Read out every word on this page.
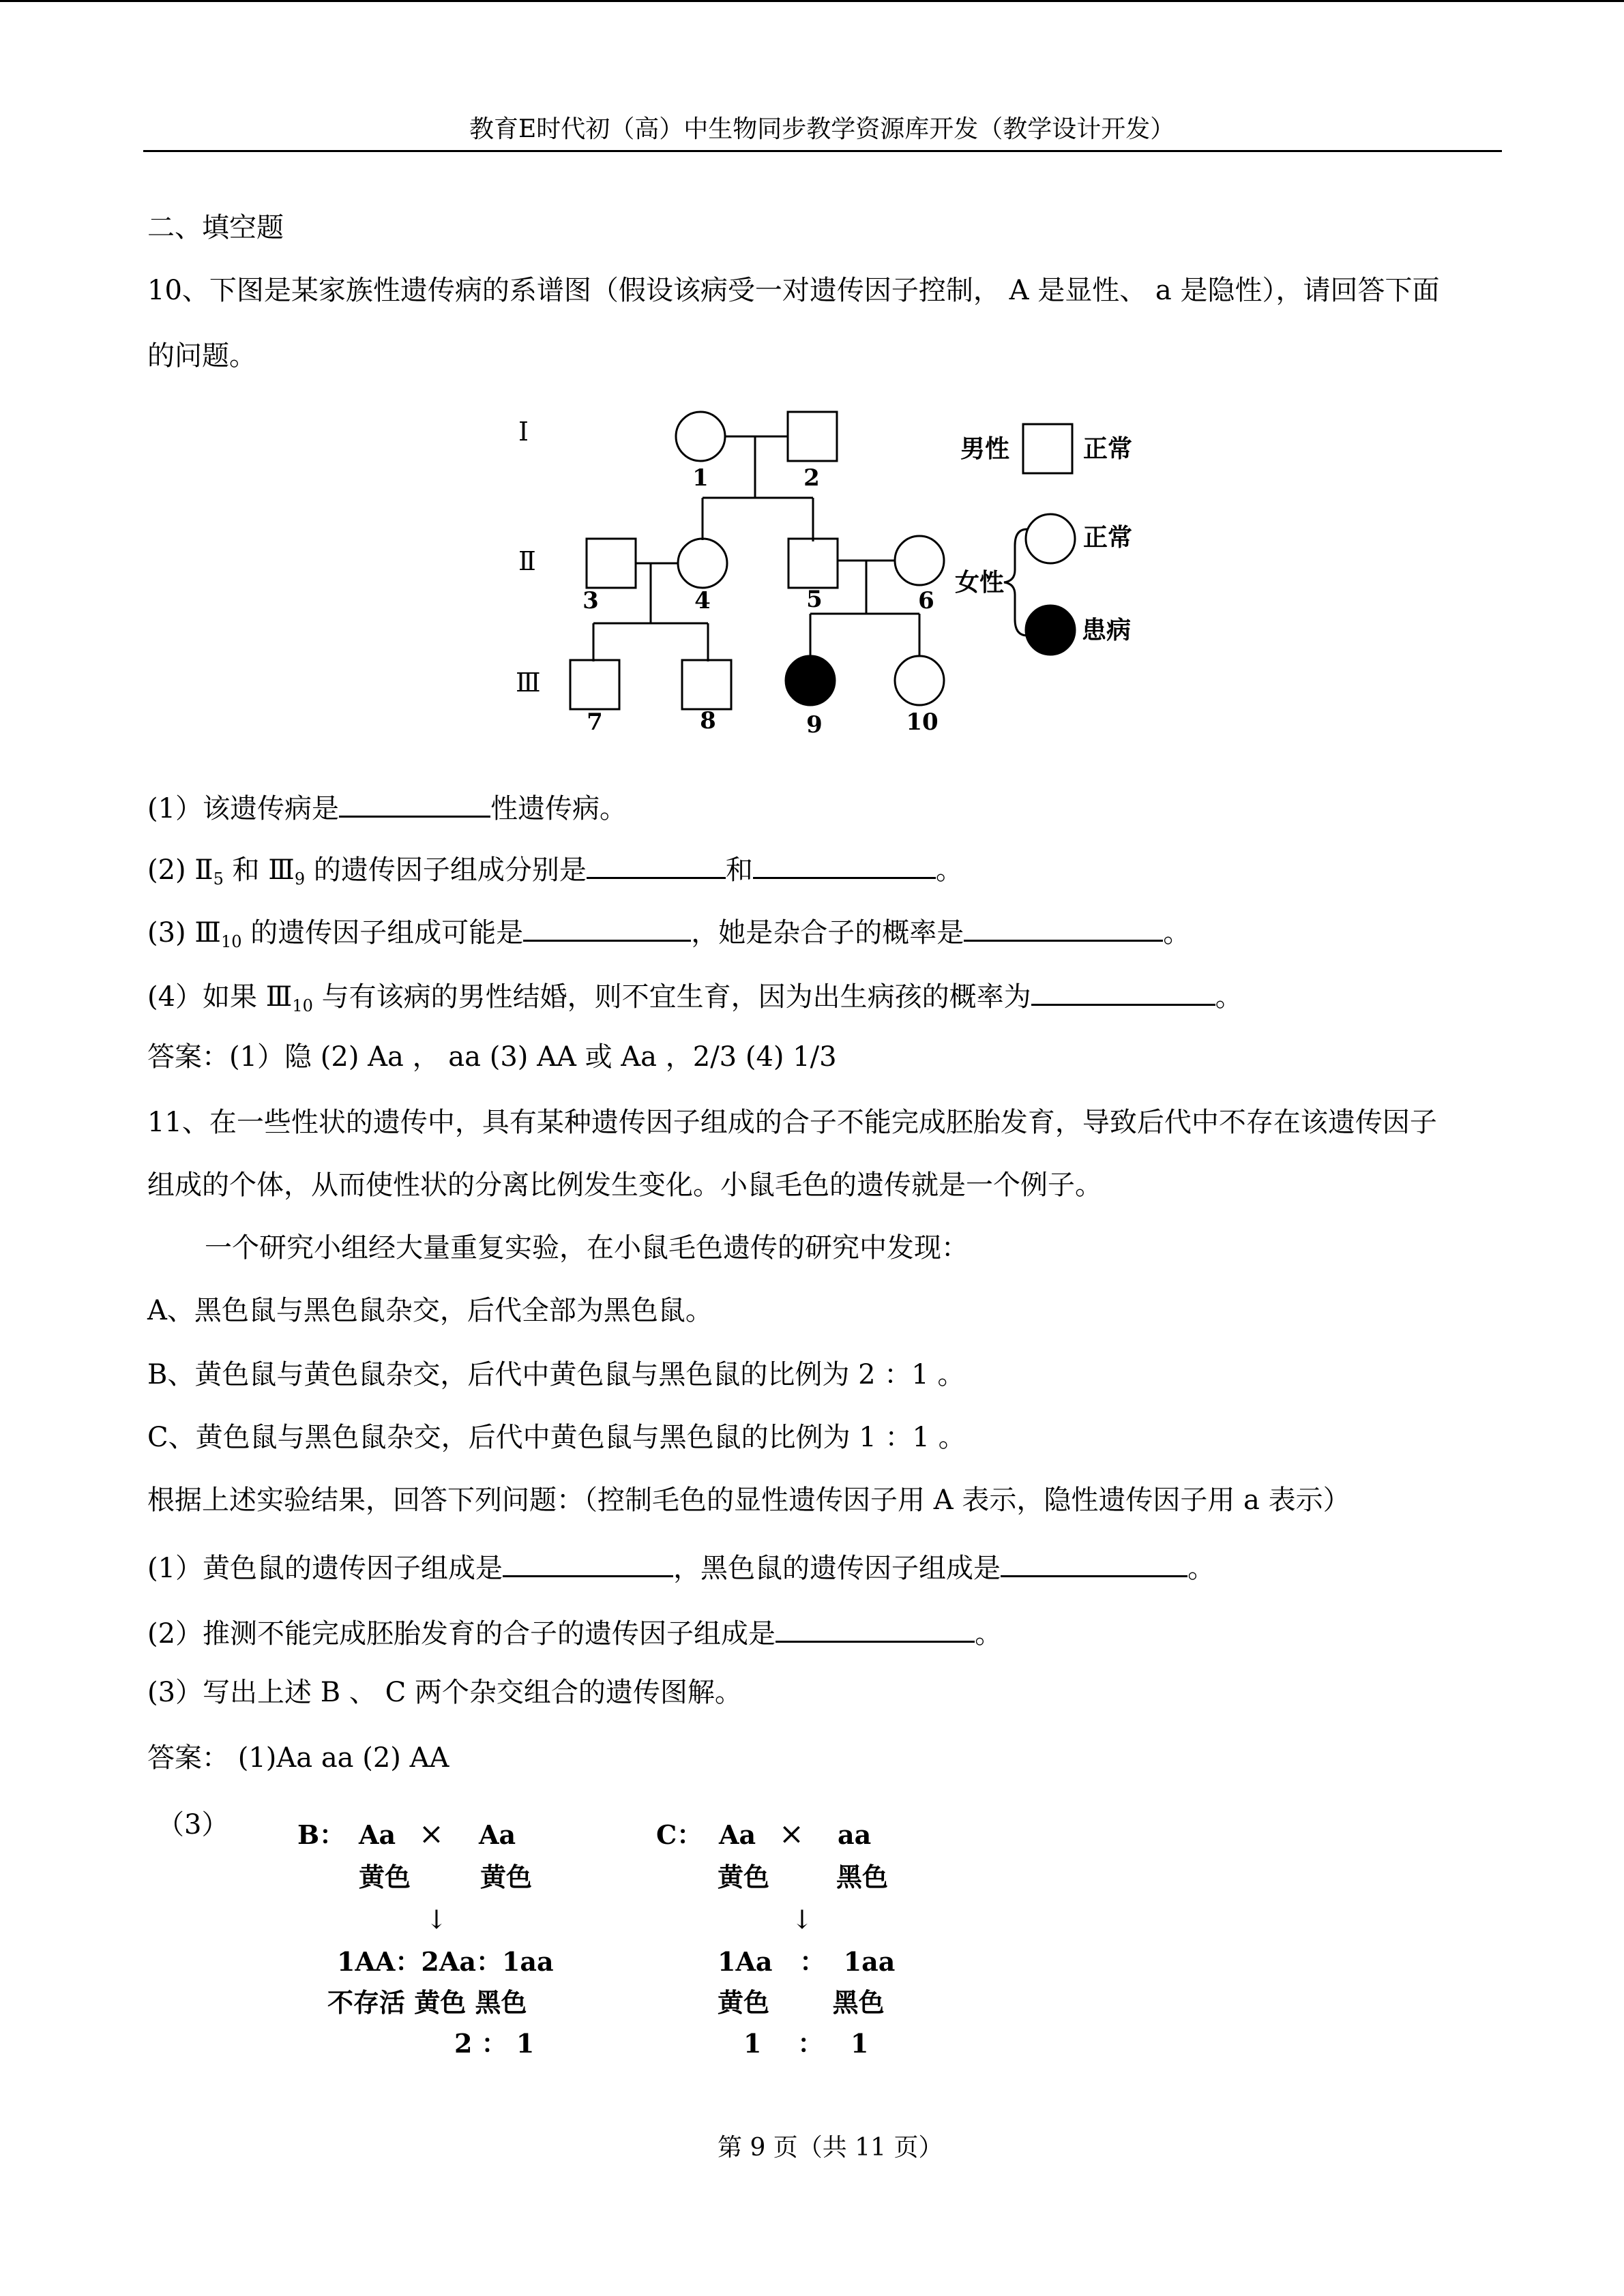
教育E时代初（高）中生物同步教学资源库开发（教学设计开发）
二、填空题
10、下图是某家族性遗传病的系谱图（假设该病受一对遗传因子控制， A 是显性、 a 是隐性），请回答下面
的问题。
Ⅰ
Ⅱ
Ⅲ
1	2
3	4	5	6
7	8	9	10
男性	正常
女性
正常
患病
(1）该遗传病是	性遗传病。
(2) $Ⅱ_5$ 和 $Ⅲ_9$ 的遗传因子组成分别是	和	。
(3) $Ⅲ_{10}$ 的遗传因子组成可能是	，她是杂合子的概率是	。
(4）如果 $Ⅲ_{10}$ 与有该病的男性结婚，则不宜生育，因为出生病孩的概率为	。
答案：(1）隐 (2) Aa ， aa (3) AA 或 Aa ，2/3 (4) 1/3
11、在一些性状的遗传中，具有某种遗传因子组成的合子不能完成胚胎发育，导致后代中不存在该遗传因子
组成的个体，从而使性状的分离比例发生变化。小鼠毛色的遗传就是一个例子。
一个研究小组经大量重复实验，在小鼠毛色遗传的研究中发现：
A、黑色鼠与黑色鼠杂交，后代全部为黑色鼠。
B、黄色鼠与黄色鼠杂交，后代中黄色鼠与黑色鼠的比例为 2 ：1 。
C、黄色鼠与黑色鼠杂交，后代中黄色鼠与黑色鼠的比例为 1 ：1 。
根据上述实验结果，回答下列问题：（控制毛色的显性遗传因子用 A 表示，隐性遗传因子用 a 表示）
(1）黄色鼠的遗传因子组成是	，黑色鼠的遗传因子组成是	。
(2）推测不能完成胚胎发育的合子的遗传因子组成是	。
(3）写出上述 B 、 C 两个杂交组合的遗传图解。
答案： (1)Aa aa (2) AA
（3）	B： Aa × Aa
黄色	黄色
↓
1AA：2Aa：1aa
不存活 黄色 黑色
2 ： 1
C： Aa × aa
黄色	黑色
↓
1Aa   ：  1aa
黄色       黑色
1    ：   1
第 9 页（共 11 页）
